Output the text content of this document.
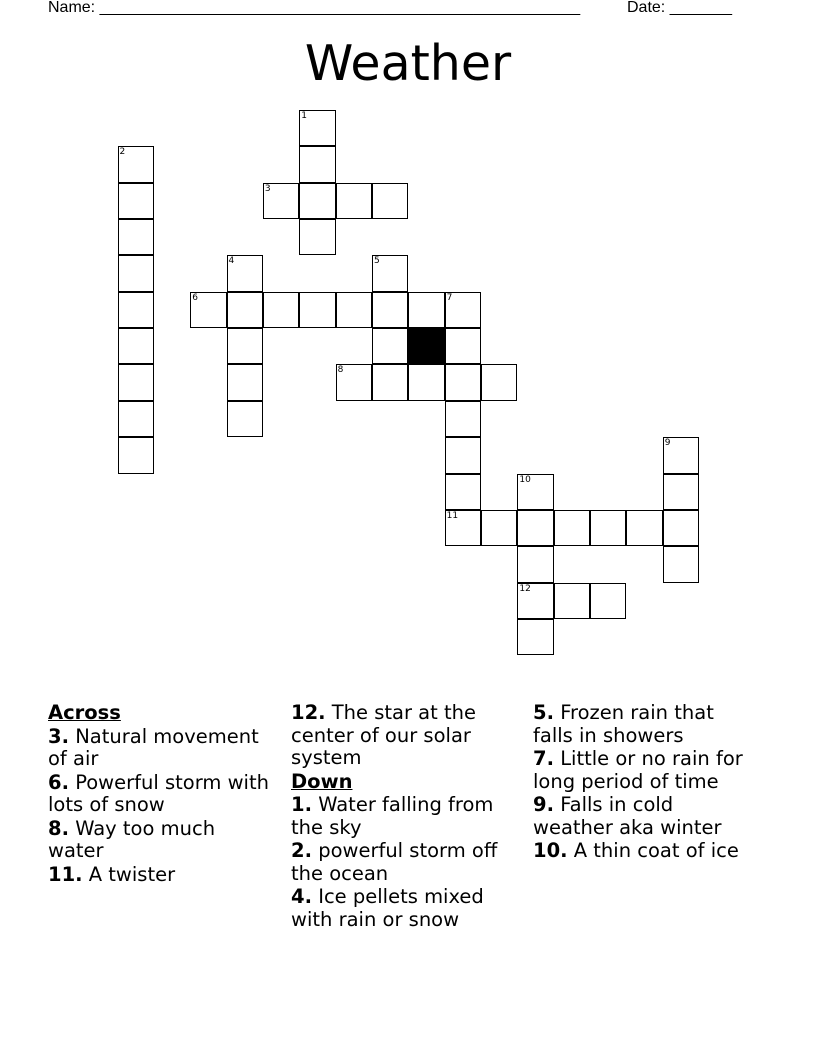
Name: ______________________________________________________	Date: _______
Weather
1
2
3
4	5
6	7
8
9
10
11
12
Across
3. Natural movement of air
6. Powerful storm with lots of snow
8. Way too much water
11. A twister
12. The star at the center of our solar system
Down
1. Water falling from the sky
2. powerful storm off the ocean
4. Ice pellets mixed with rain or snow
5. Frozen rain that falls in showers
7. Little or no rain for long period of time
9. Falls in cold weather aka winter
10. A thin coat of ice
